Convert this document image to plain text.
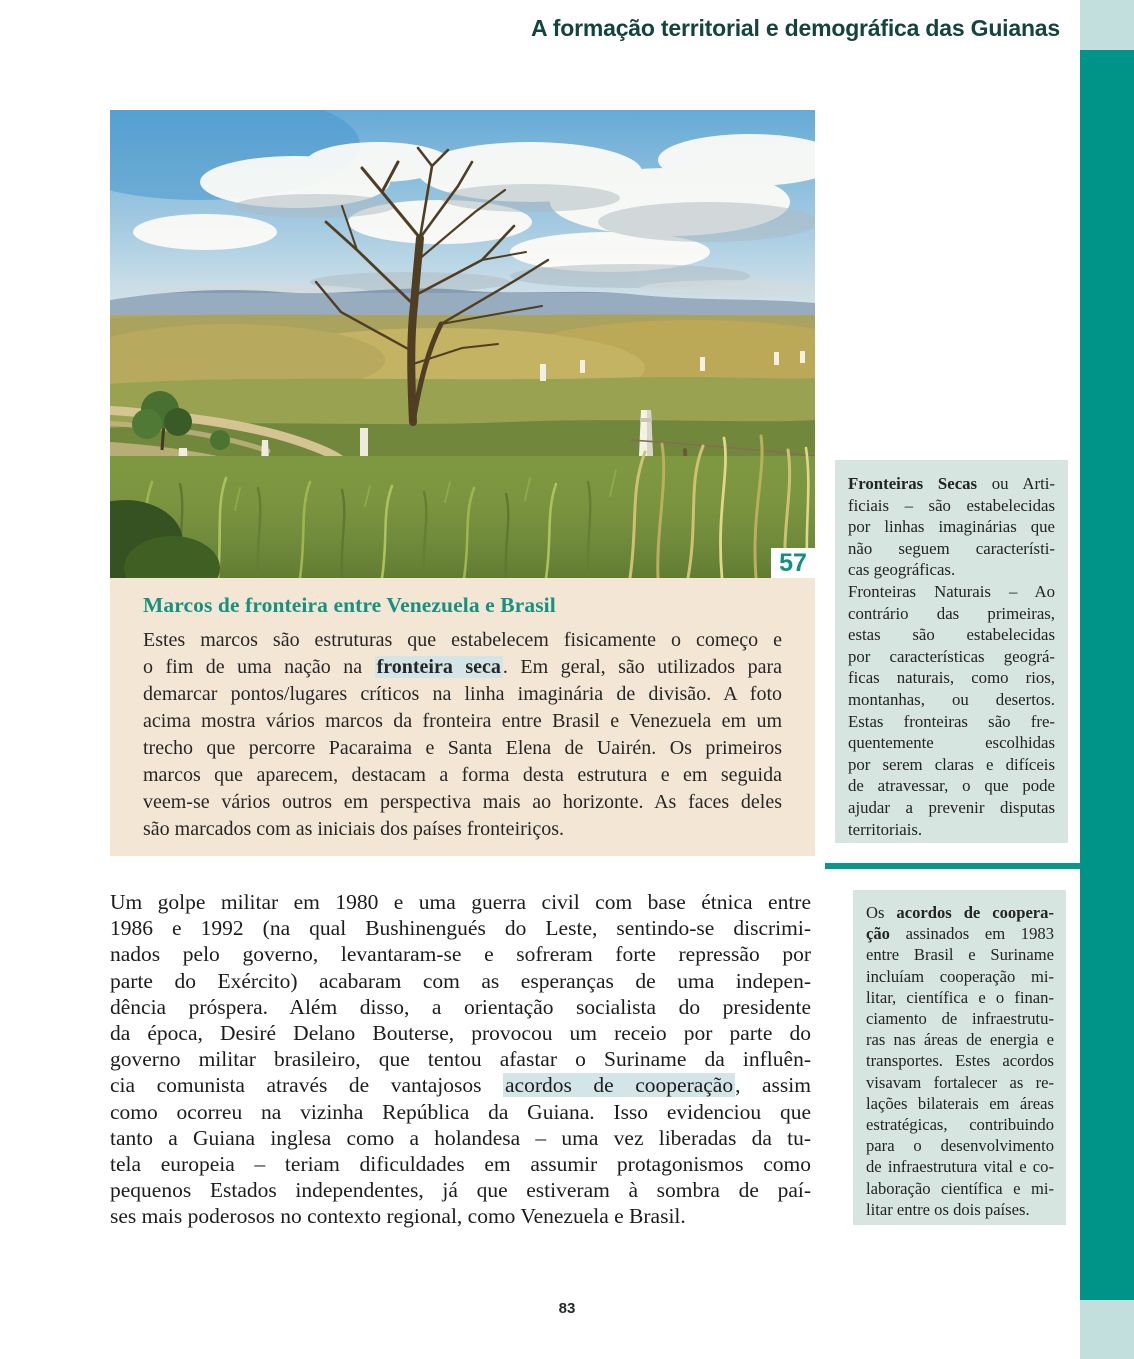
A formação territorial e demográfica das Guianas
57
Marcos de fronteira entre Venezuela e Brasil
Estes marcos são estruturas que estabelecem fisicamente o começo e
o fim de uma nação na fronteira seca . Em geral, são utilizados para
demarcar pontos/lugares críticos na linha imaginária de divisão. A foto
acima mostra vários marcos da fronteira entre Brasil e Venezuela em um
trecho que percorre Pacaraima e Santa Elena de Uairén. Os primeiros
marcos que aparecem, destacam a forma desta estrutura e em seguida
veem-se vários outros em perspectiva mais ao horizonte. As faces deles
são marcados com as iniciais dos países fronteiriços.
Fronteiras Secas ou Arti-
ficiais – são estabelecidas
por linhas imaginárias que
não seguem característi-
cas geográficas.
Fronteiras Naturais – Ao
contrário das primeiras,
estas são estabelecidas
por características geográ-
ficas naturais, como rios,
montanhas, ou desertos.
Estas fronteiras são fre-
quentemente escolhidas
por serem claras e difíceis
de atravessar, o que pode
ajudar a prevenir disputas
territoriais.
Os acordos de coopera-
ção assinados em 1983
entre Brasil e Suriname
incluíam cooperação mi-
litar, científica e o finan-
ciamento de infraestrutu-
ras nas áreas de energia e
transportes. Estes acordos
visavam fortalecer as re-
lações bilaterais em áreas
estratégicas, contribuindo
para o desenvolvimento
de infraestrutura vital e co-
laboração científica e mi-
litar entre os dois países.
Um golpe militar em 1980 e uma guerra civil com base étnica entre
1986 e 1992 (na qual Bushinengués do Leste, sentindo-se discrimi-
nados pelo governo, levantaram-se e sofreram forte repressão por
parte do Exército) acabaram com as esperanças de uma indepen-
dência próspera. Além disso, a orientação socialista do presidente
da época, Desiré Delano Bouterse, provocou um receio por parte do
governo militar brasileiro, que tentou afastar o Suriname da influên-
cia comunista através de vantajosos acordos de cooperação, assim
como ocorreu na vizinha República da Guiana. Isso evidenciou que
tanto a Guiana inglesa como a holandesa – uma vez liberadas da tu-
tela europeia – teriam dificuldades em assumir protagonismos como
pequenos Estados independentes, já que estiveram à sombra de paí-
ses mais poderosos no contexto regional, como Venezuela e Brasil.
83
